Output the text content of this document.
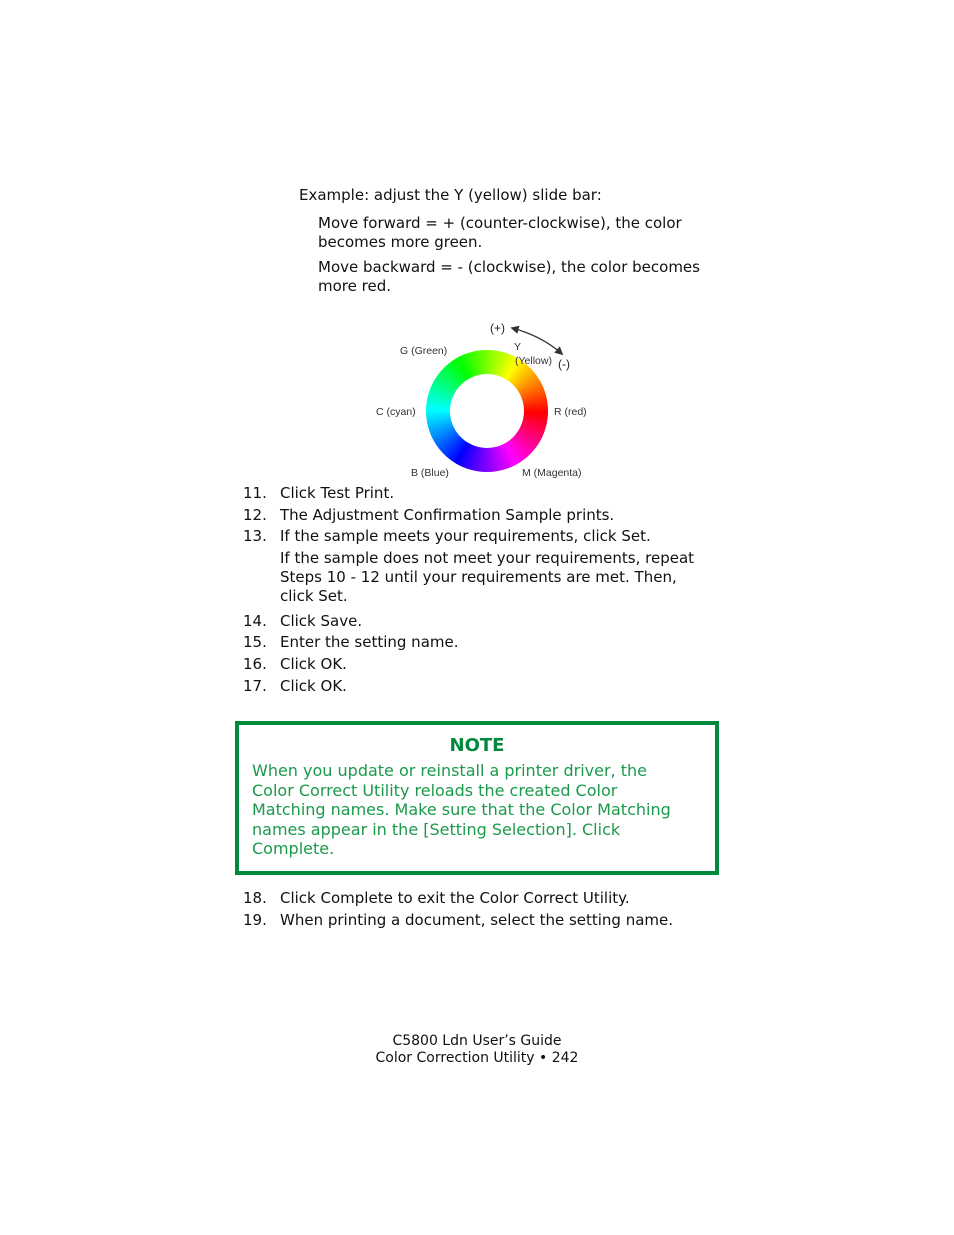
Example: adjust the Y (yellow) slide bar:
Move forward = + (counter-clockwise), the color
becomes more green.
Move backward = - (clockwise), the color becomes
more red.
(+)
(-)
G (Green)	Y
(Yellow)
C (cyan)	R (red)
B (Blue)	M (Magenta)
11. Click Test Print.
12. The Adjustment Confirmation Sample prints.
13. If the sample meets your requirements, click Set.
If the sample does not meet your requirements, repeat
Steps 10 - 12 until your requirements are met. Then,
click Set.
14. Click Save.
15. Enter the setting name.
16. Click OK.
17. Click OK.
NOTE
When you update or reinstall a printer driver, the
Color Correct Utility reloads the created Color
Matching names. Make sure that the Color Matching
names appear in the [Setting Selection]. Click
Complete.
18. Click Complete to exit the Color Correct Utility.
19. When printing a document, select the setting name.
C5800 Ldn User’s Guide
Color Correction Utility • 242
